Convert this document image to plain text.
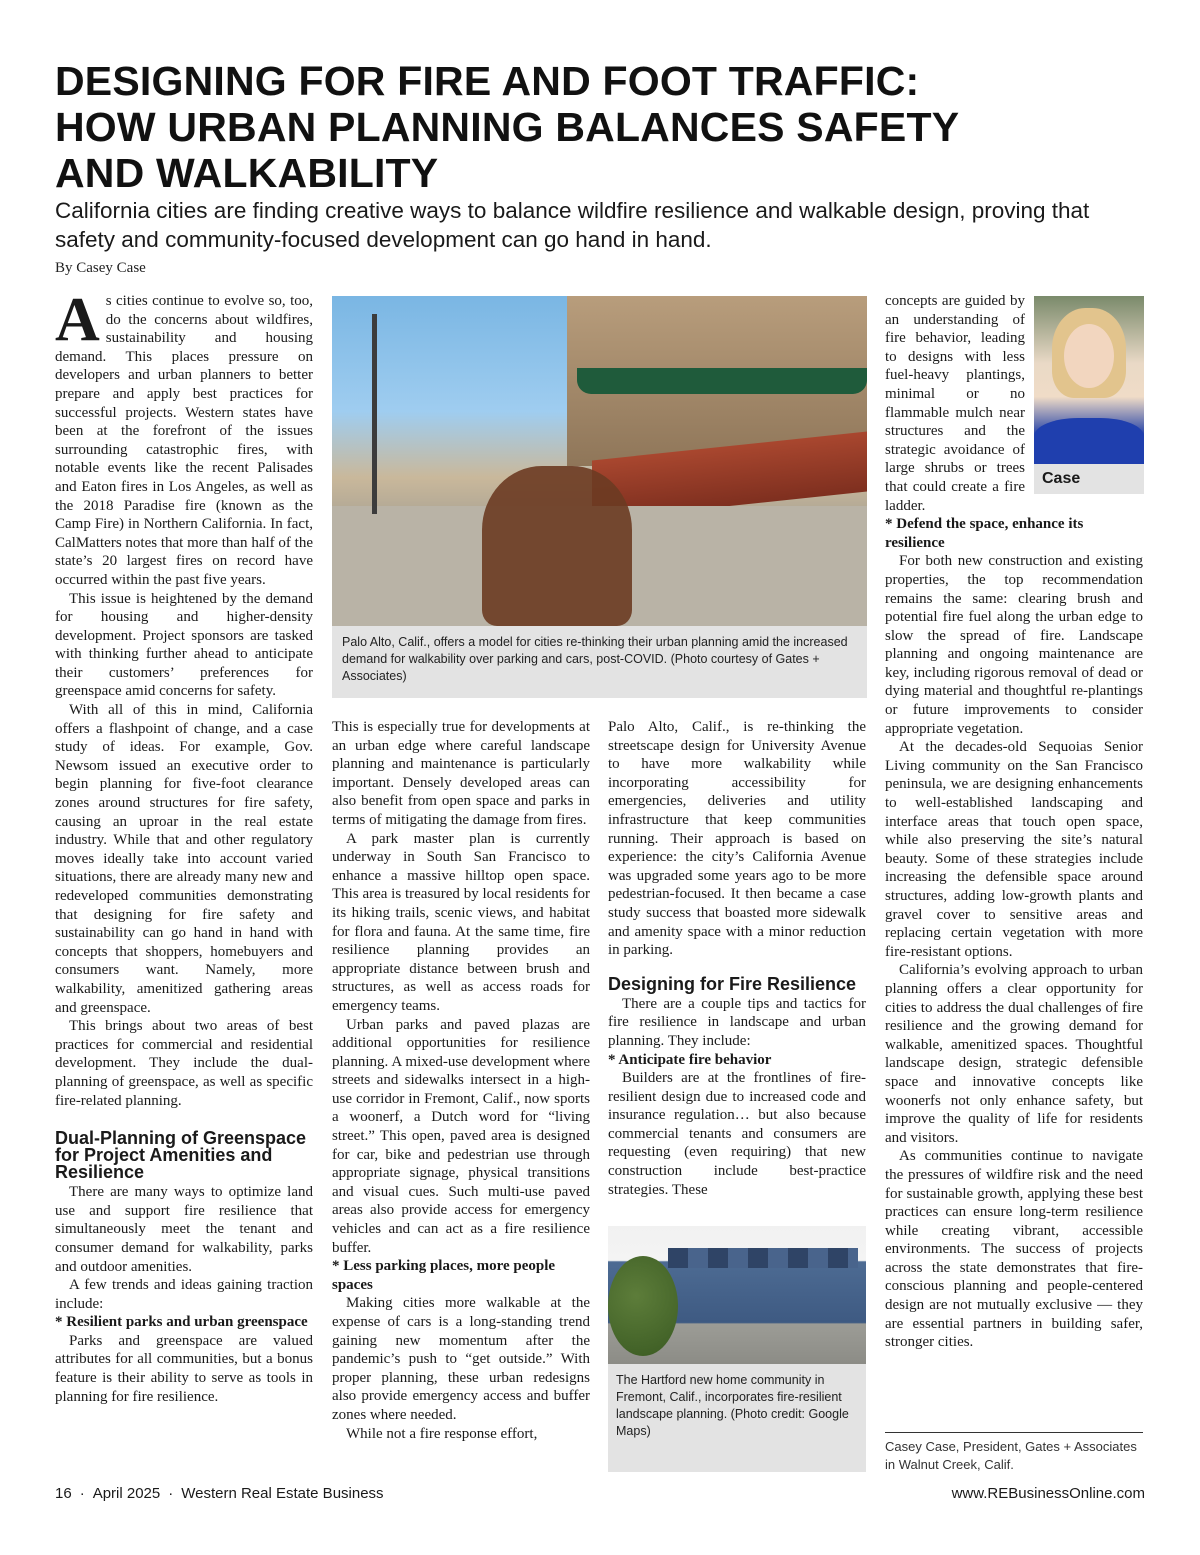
DESIGNING FOR FIRE AND FOOT TRAFFIC:
HOW URBAN PLANNING BALANCES SAFETY
AND WALKABILITY
California cities are finding creative ways to balance wildfire resilience and walkable design, proving that safety and community-focused development can go hand in hand.
By Casey Case

As cities continue to evolve so, too, do the concerns about wildfires, sustainability and housing demand. This places pressure on developers and urban planners to better prepare and apply best practices for successful projects. Western states have been at the forefront of the issues surrounding catastrophic fires, with notable events like the recent Palisades and Eaton fires in Los Angeles, as well as the 2018 Paradise fire (known as the Camp Fire) in Northern California. In fact, CalMatters notes that more than half of the state’s 20 largest fires on record have occurred within the past five years.

This issue is heightened by the demand for housing and higher-density development. Project sponsors are tasked with thinking further ahead to anticipate their customers’ preferences for greenspace amid concerns for safety.

With all of this in mind, California offers a flashpoint of change, and a case study of ideas. For example, Gov. Newsom issued an executive order to begin planning for five-foot clearance zones around structures for fire safety, causing an uproar in the real estate industry. While that and other regulatory moves ideally take into account varied situations, there are already many new and redeveloped communities demonstrating that designing for fire safety and sustainability can go hand in hand with concepts that shoppers, homebuyers and consumers want. Namely, more walkability, amenitized gathering areas and greenspace.

This brings about two areas of best practices for commercial and residential development. They include the dual-planning of greenspace, as well as specific fire-related planning.

Dual-Planning of Greenspace for Project Amenities and Resilience

There are many ways to optimize land use and support fire resilience that simultaneously meet the tenant and consumer demand for walkability, parks and outdoor amenities.

A few trends and ideas gaining traction include:

* Resilient parks and urban greenspace

Parks and greenspace are valued attributes for all communities, but a bonus feature is their ability to serve as tools in planning for fire resilience.

Palo Alto, Calif., offers a model for cities re-thinking their urban planning amid the increased demand for walkability over parking and cars, post-COVID. (Photo courtesy of Gates + Associates)

This is especially true for developments at an urban edge where careful landscape planning and maintenance is particularly important. Densely developed areas can also benefit from open space and parks in terms of mitigating the damage from fires.

A park master plan is currently underway in South San Francisco to enhance a massive hilltop open space. This area is treasured by local residents for its hiking trails, scenic views, and habitat for flora and fauna. At the same time, fire resilience planning provides an appropriate distance between brush and structures, as well as access roads for emergency teams.

Urban parks and paved plazas are additional opportunities for resilience planning. A mixed-use development where streets and sidewalks intersect in a high-use corridor in Fremont, Calif., now sports a woonerf, a Dutch word for “living street.” This open, paved area is designed for car, bike and pedestrian use through appropriate signage, physical transitions and visual cues. Such multi-use paved areas also provide access for emergency vehicles and can act as a fire resilience buffer.

* Less parking places, more people spaces

Making cities more walkable at the expense of cars is a long-standing trend gaining new momentum after the pandemic’s push to “get outside.” With proper planning, these urban redesigns also provide emergency access and buffer zones where needed.

While not a fire response effort,

Palo Alto, Calif., is re-thinking the streetscape design for University Avenue to have more walkability while incorporating accessibility for emergencies, deliveries and utility infrastructure that keep communities running. Their approach is based on experience: the city’s California Avenue was upgraded some years ago to be more pedestrian-focused. It then became a case study success that boasted more sidewalk and amenity space with a minor reduction in parking.

Designing for Fire Resilience

There are a couple tips and tactics for fire resilience in landscape and urban planning. They include:

* Anticipate fire behavior

Builders are at the frontlines of fire-resilient design due to increased code and insurance regulation… but also because commercial tenants and consumers are requesting (even requiring) that new construction include best-practice strategies. These

The Hartford new home community in Fremont, Calif., incorporates fire-resilient landscape planning. (Photo credit: Google Maps)
Case

concepts are guided by an understanding of fire behavior, leading to designs with less fuel-heavy plantings, minimal or no flammable mulch near structures and the strategic avoidance of large shrubs or trees that could create a fire ladder.

* Defend the space, enhance its resilience

For both new construction and existing properties, the top recommendation remains the same: clearing brush and potential fire fuel along the urban edge to slow the spread of fire. Landscape planning and ongoing maintenance are key, including rigorous removal of dead or dying material and thoughtful re-plantings or future improvements to consider appropriate vegetation.

At the decades-old Sequoias Senior Living community on the San Francisco peninsula, we are designing enhancements to well-established landscaping and interface areas that touch open space, while also preserving the site’s natural beauty. Some of these strategies include increasing the defensible space around structures, adding low-growth plants and gravel cover to sensitive areas and replacing certain vegetation with more fire-resistant options.

California’s evolving approach to urban planning offers a clear opportunity for cities to address the dual challenges of fire resilience and the growing demand for walkable, amenitized spaces. Thoughtful landscape design, strategic defensible space and innovative concepts like woonerfs not only enhance safety, but improve the quality of life for residents and visitors.

As communities continue to navigate the pressures of wildfire risk and the need for sustainable growth, applying these best practices can ensure long-term resilience while creating vibrant, accessible environments. The success of projects across the state demonstrates that fire-conscious planning and people-centered design are not mutually exclusive — they are essential partners in building safer, stronger cities.

Casey Case, President, Gates + Associates in Walnut Creek, Calif.
16 · April 2025 · Western Real Estate Business	www.REBusinessOnline.com
